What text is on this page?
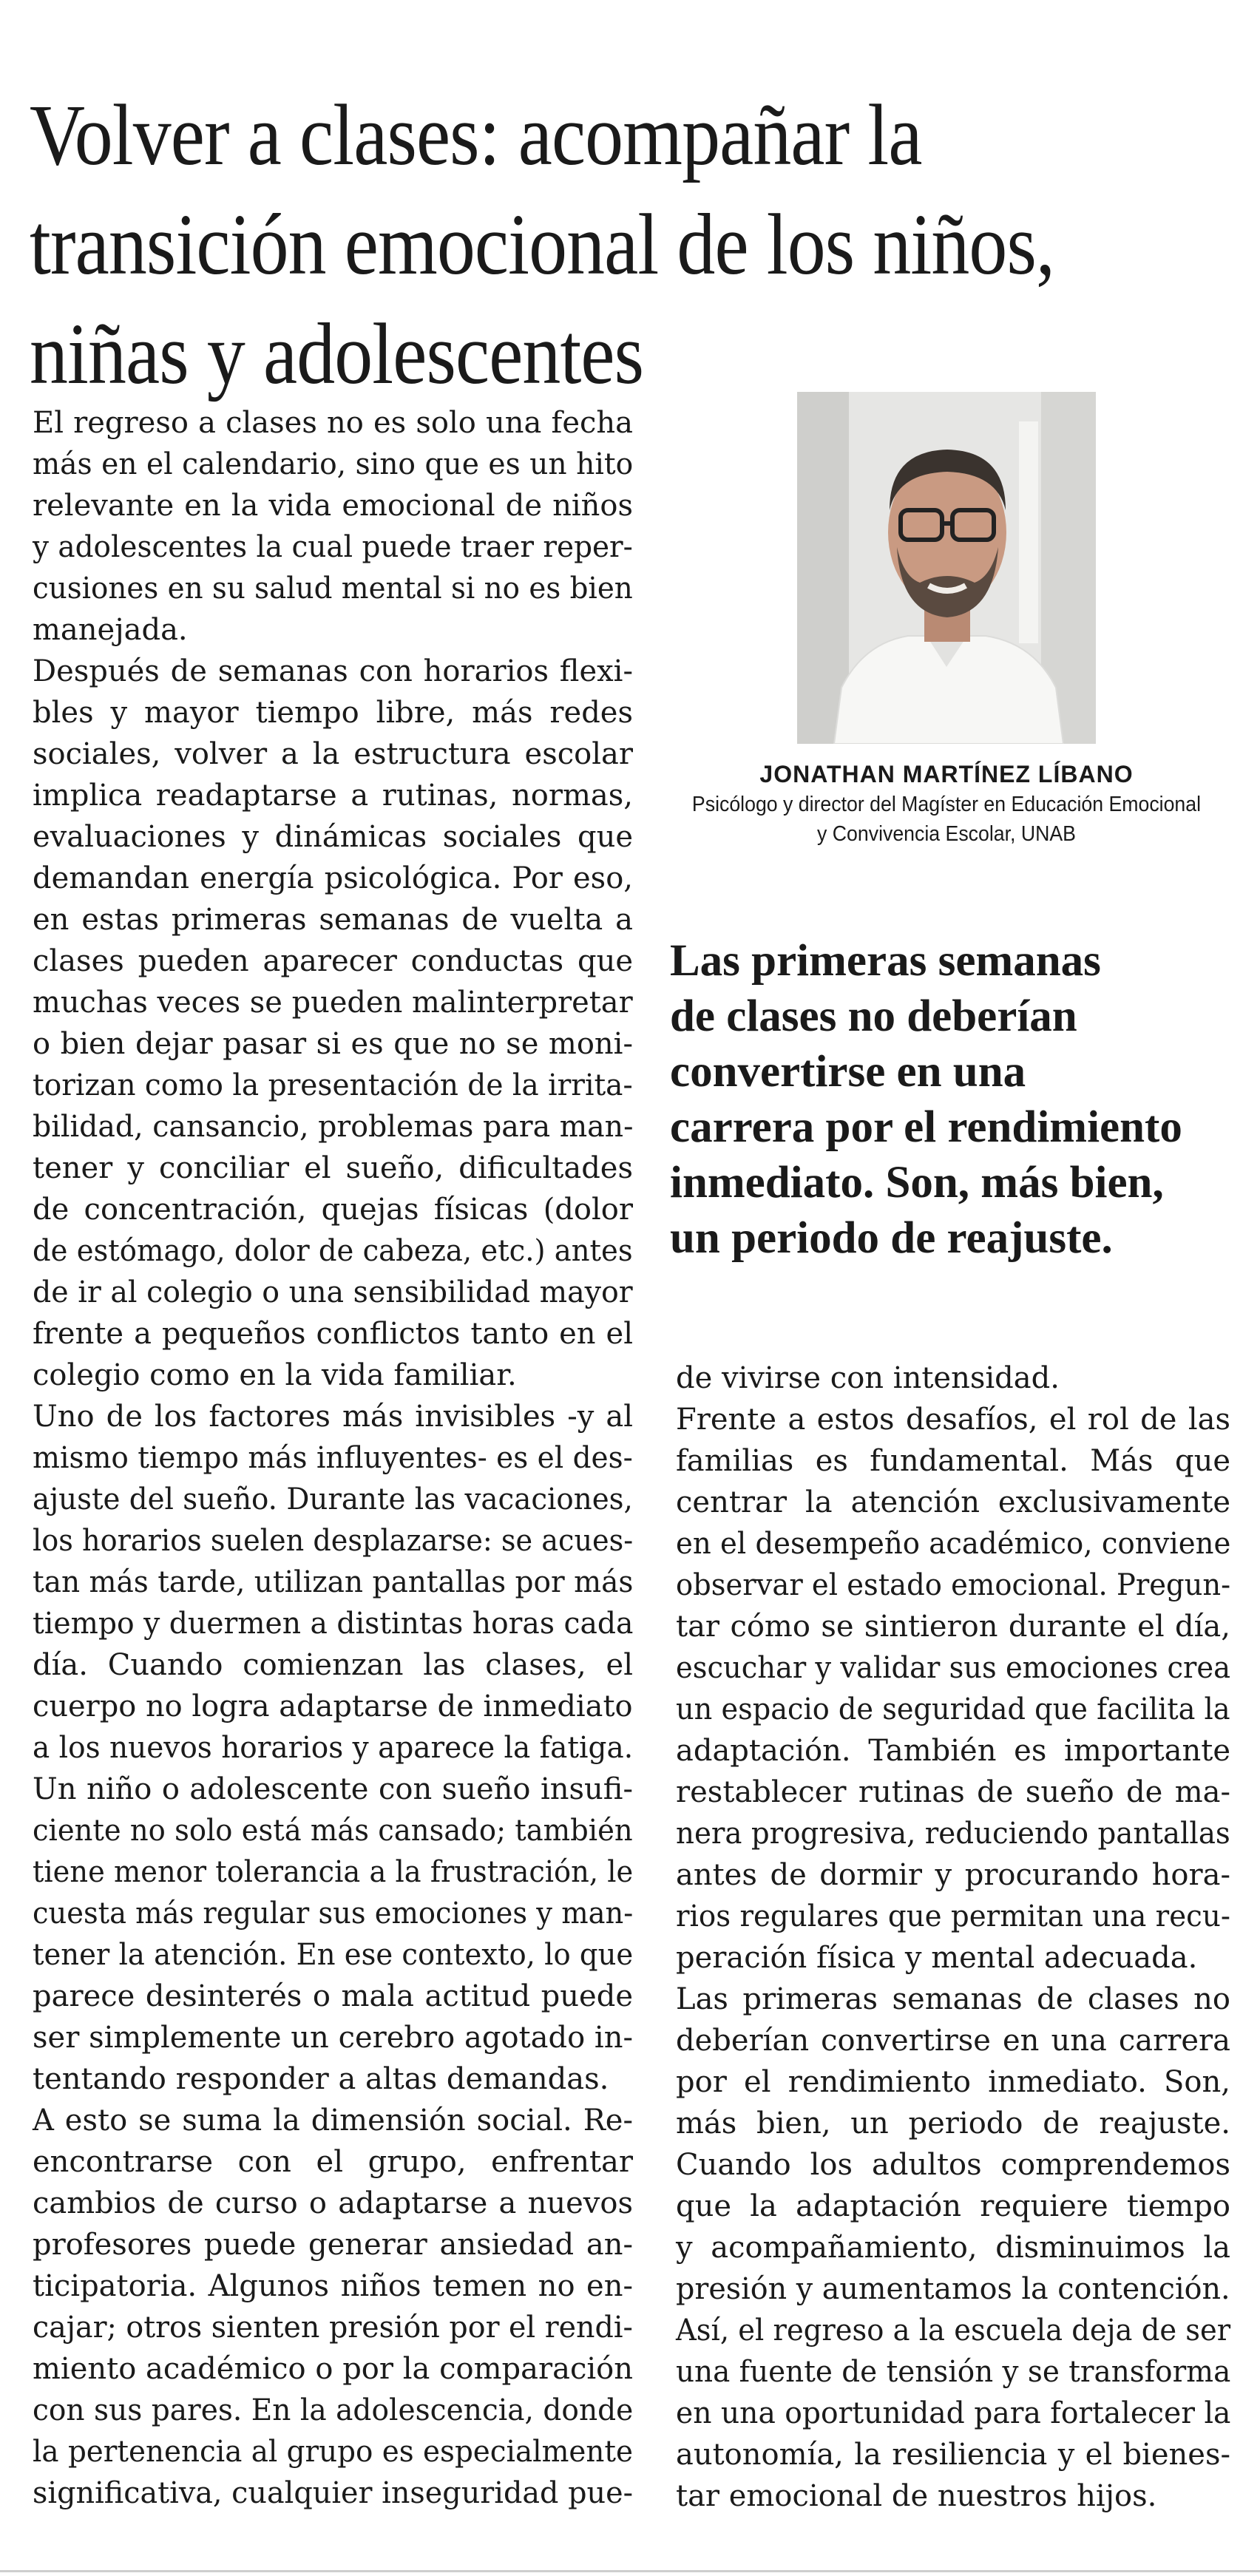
Volver a clases: acompañar la
transición emocional de los niños,
niñas y adolescentes
El regreso a clases no es solo una fecha
más en el calendario, sino que es un hito
relevante en la vida emocional de niños
y adolescentes la cual puede traer reper-
cusiones en su salud mental si no es bien
manejada.
Después de semanas con horarios flexi-
bles y mayor tiempo libre, más redes
sociales, volver a la estructura escolar
implica readaptarse a rutinas, normas,
evaluaciones y dinámicas sociales que
demandan energía psicológica. Por eso,
en estas primeras semanas de vuelta a
clases pueden aparecer conductas que
muchas veces se pueden malinterpretar
o bien dejar pasar si es que no se moni-
torizan como la presentación de la irrita-
bilidad, cansancio, problemas para man-
tener y conciliar el sueño, dificultades
de concentración, quejas físicas (dolor
de estómago, dolor de cabeza, etc.) antes
de ir al colegio o una sensibilidad mayor
frente a pequeños conflictos tanto en el
colegio como en la vida familiar.
Uno de los factores más invisibles -y al
mismo tiempo más influyentes- es el des-
ajuste del sueño. Durante las vacaciones,
los horarios suelen desplazarse: se acues-
tan más tarde, utilizan pantallas por más
tiempo y duermen a distintas horas cada
día. Cuando comienzan las clases, el
cuerpo no logra adaptarse de inmediato
a los nuevos horarios y aparece la fatiga.
Un niño o adolescente con sueño insufi-
ciente no solo está más cansado; también
tiene menor tolerancia a la frustración, le
cuesta más regular sus emociones y man-
tener la atención. En ese contexto, lo que
parece desinterés o mala actitud puede
ser simplemente un cerebro agotado in-
tentando responder a altas demandas.
A esto se suma la dimensión social. Re-
encontrarse con el grupo, enfrentar
cambios de curso o adaptarse a nuevos
profesores puede generar ansiedad an-
ticipatoria. Algunos niños temen no en-
cajar; otros sienten presión por el rendi-
miento académico o por la comparación
con sus pares. En la adolescencia, donde
la pertenencia al grupo es especialmente
significativa, cualquier inseguridad pue-
JONATHAN MARTÍNEZ LÍBANO
Psicólogo y director del Magíster en Educación Emocional
y Convivencia Escolar, UNAB
Las primeras semanas
de clases no deberían
convertirse en una
carrera por el rendimiento
inmediato. Son, más bien,
un periodo de reajuste.
de vivirse con intensidad.
Frente a estos desafíos, el rol de las
familias es fundamental. Más que
centrar la atención exclusivamente
en el desempeño académico, conviene
observar el estado emocional. Pregun-
tar cómo se sintieron durante el día,
escuchar y validar sus emociones crea
un espacio de seguridad que facilita la
adaptación. También es importante
restablecer rutinas de sueño de ma-
nera progresiva, reduciendo pantallas
antes de dormir y procurando hora-
rios regulares que permitan una recu-
peración física y mental adecuada.
Las primeras semanas de clases no
deberían convertirse en una carrera
por el rendimiento inmediato. Son,
más bien, un periodo de reajuste.
Cuando los adultos comprendemos
que la adaptación requiere tiempo
y acompañamiento, disminuimos la
presión y aumentamos la contención.
Así, el regreso a la escuela deja de ser
una fuente de tensión y se transforma
en una oportunidad para fortalecer la
autonomía, la resiliencia y el bienes-
tar emocional de nuestros hijos.
